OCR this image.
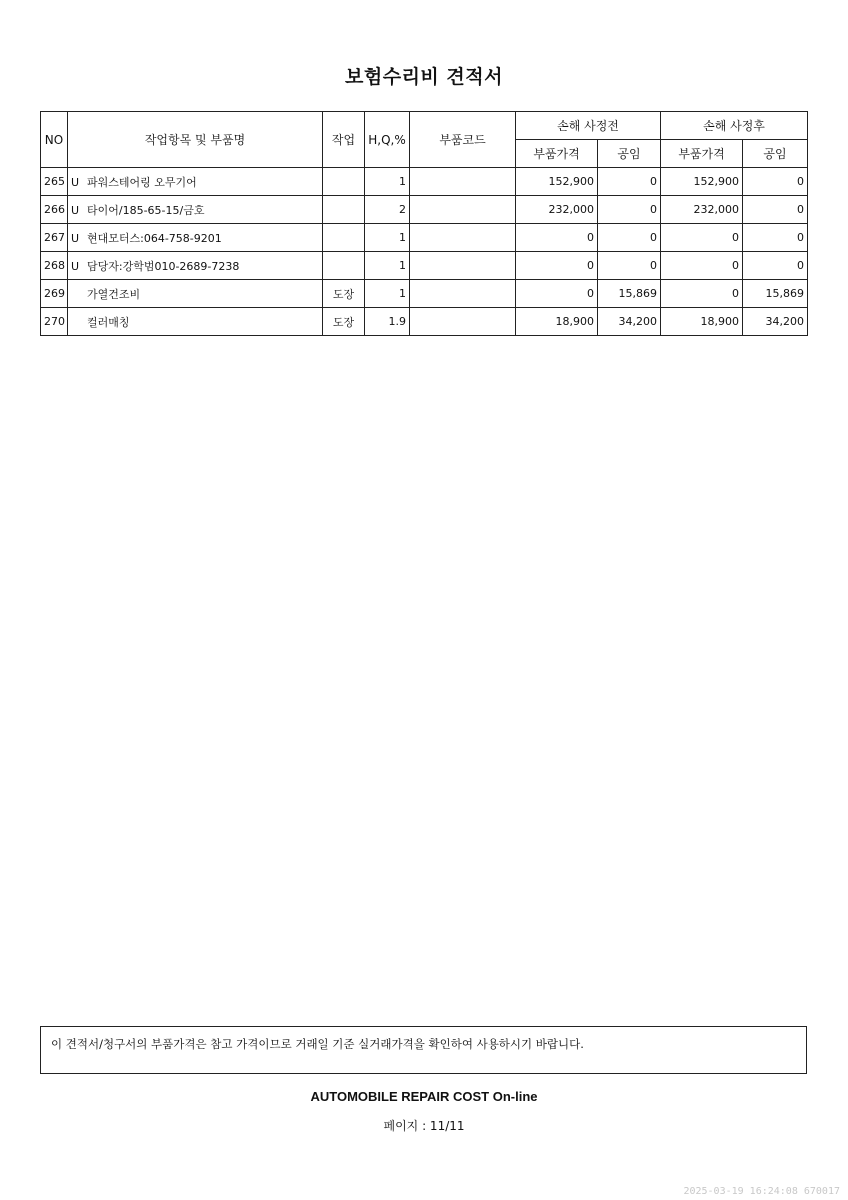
보험수리비 견적서
NO	작업항목 및 부품명	작업	H,Q,%	부품코드	손해 사정전		손해 사정후	
					부품가격	공임	부품가격	공임
265	U 파워스테어링 오무기어		1		152,900	0	152,900	0
266	U 타이어/185-65-15/금호		2		232,000	0	232,000	0
267	U 현대모터스:064-758-9201		1		0	0	0	0
268	U 담당자:강학범010-2689-7238		1		0	0	0	0
269	가열건조비	도장	1		0	15,869	0	15,869
270	컬러매칭	도장	1.9		18,900	34,200	18,900	34,200
이 견적서/청구서의 부품가격은 참고 가격이므로 거래일 기준 실거래가격을 확인하여 사용하시기 바랍니다.
AUTOMOBILE REPAIR COST On-line
페이지 : 11/11
2025-03-19 16:24:08 670017
